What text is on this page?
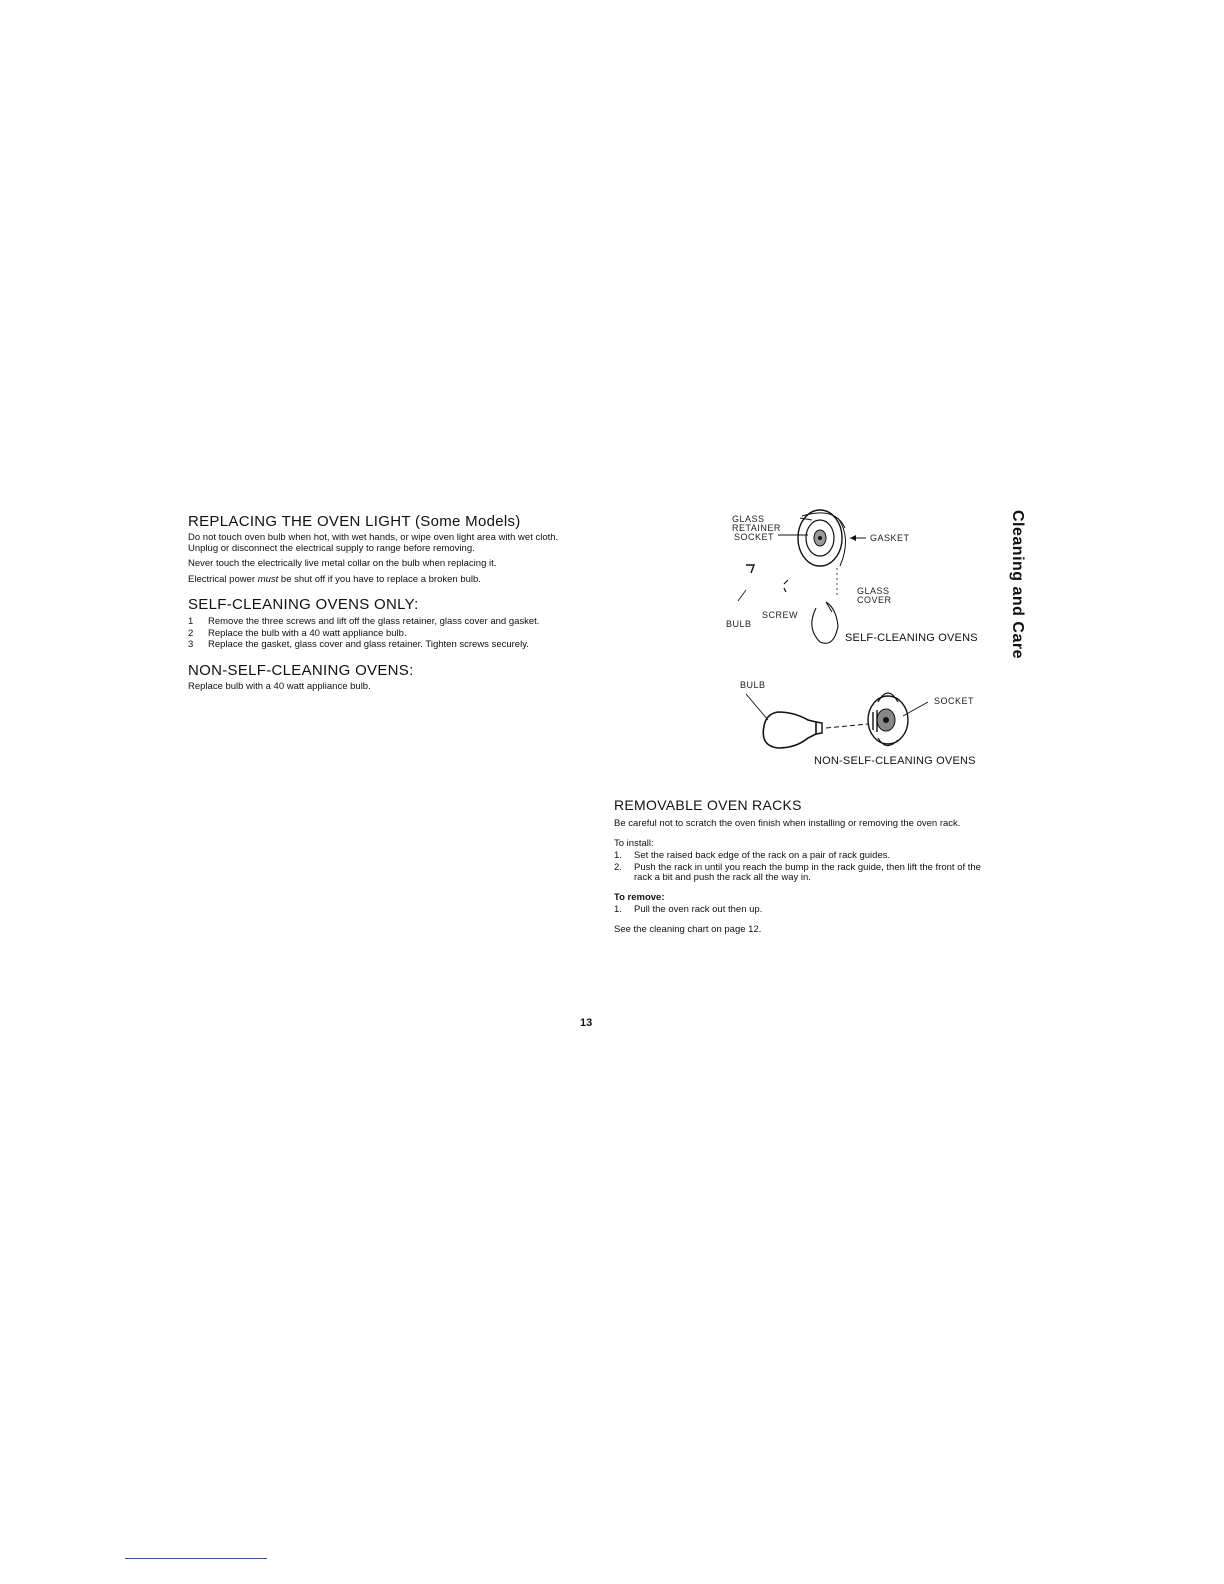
REPLACING THE OVEN LIGHT (Some Models)

Do not touch oven bulb when hot, with wet hands, or wipe oven light area with wet cloth. Unplug or disconnect the electrical supply to range before removing.

Never touch the electrically live metal collar on the bulb when replacing it.

Electrical power must be shut off if you have to replace a broken bulb.

SELF-CLEANING OVENS ONLY:
1 Remove the three screws and lift off the glass retainer, glass cover and gasket.
2 Replace the bulb with a 40 watt appliance bulb.
3 Replace the gasket, glass cover and glass retainer. Tighten screws securely.
NON-SELF-CLEANING OVENS:

Replace bulb with a 40 watt appliance bulb.

GLASS
RETAINER
SOCKET	GASKET
GLASS
COVER
SCREW
BULB
SELF-CLEANING OVENS
BULB
SOCKET
NON-SELF-CLEANING OVENS
REMOVABLE OVEN RACKS

Be careful not to scratch the oven finish when installing or removing the oven rack.

To install:

1. Set the raised back edge of the rack on a pair of rack guides.
2. Push the rack in until you reach the bump in the rack guide, then lift the front of the rack a bit and push the rack all the way in.

To remove:

1. Pull the oven rack out then up.

See the cleaning chart on page 12.

Cleaning and Care
13
